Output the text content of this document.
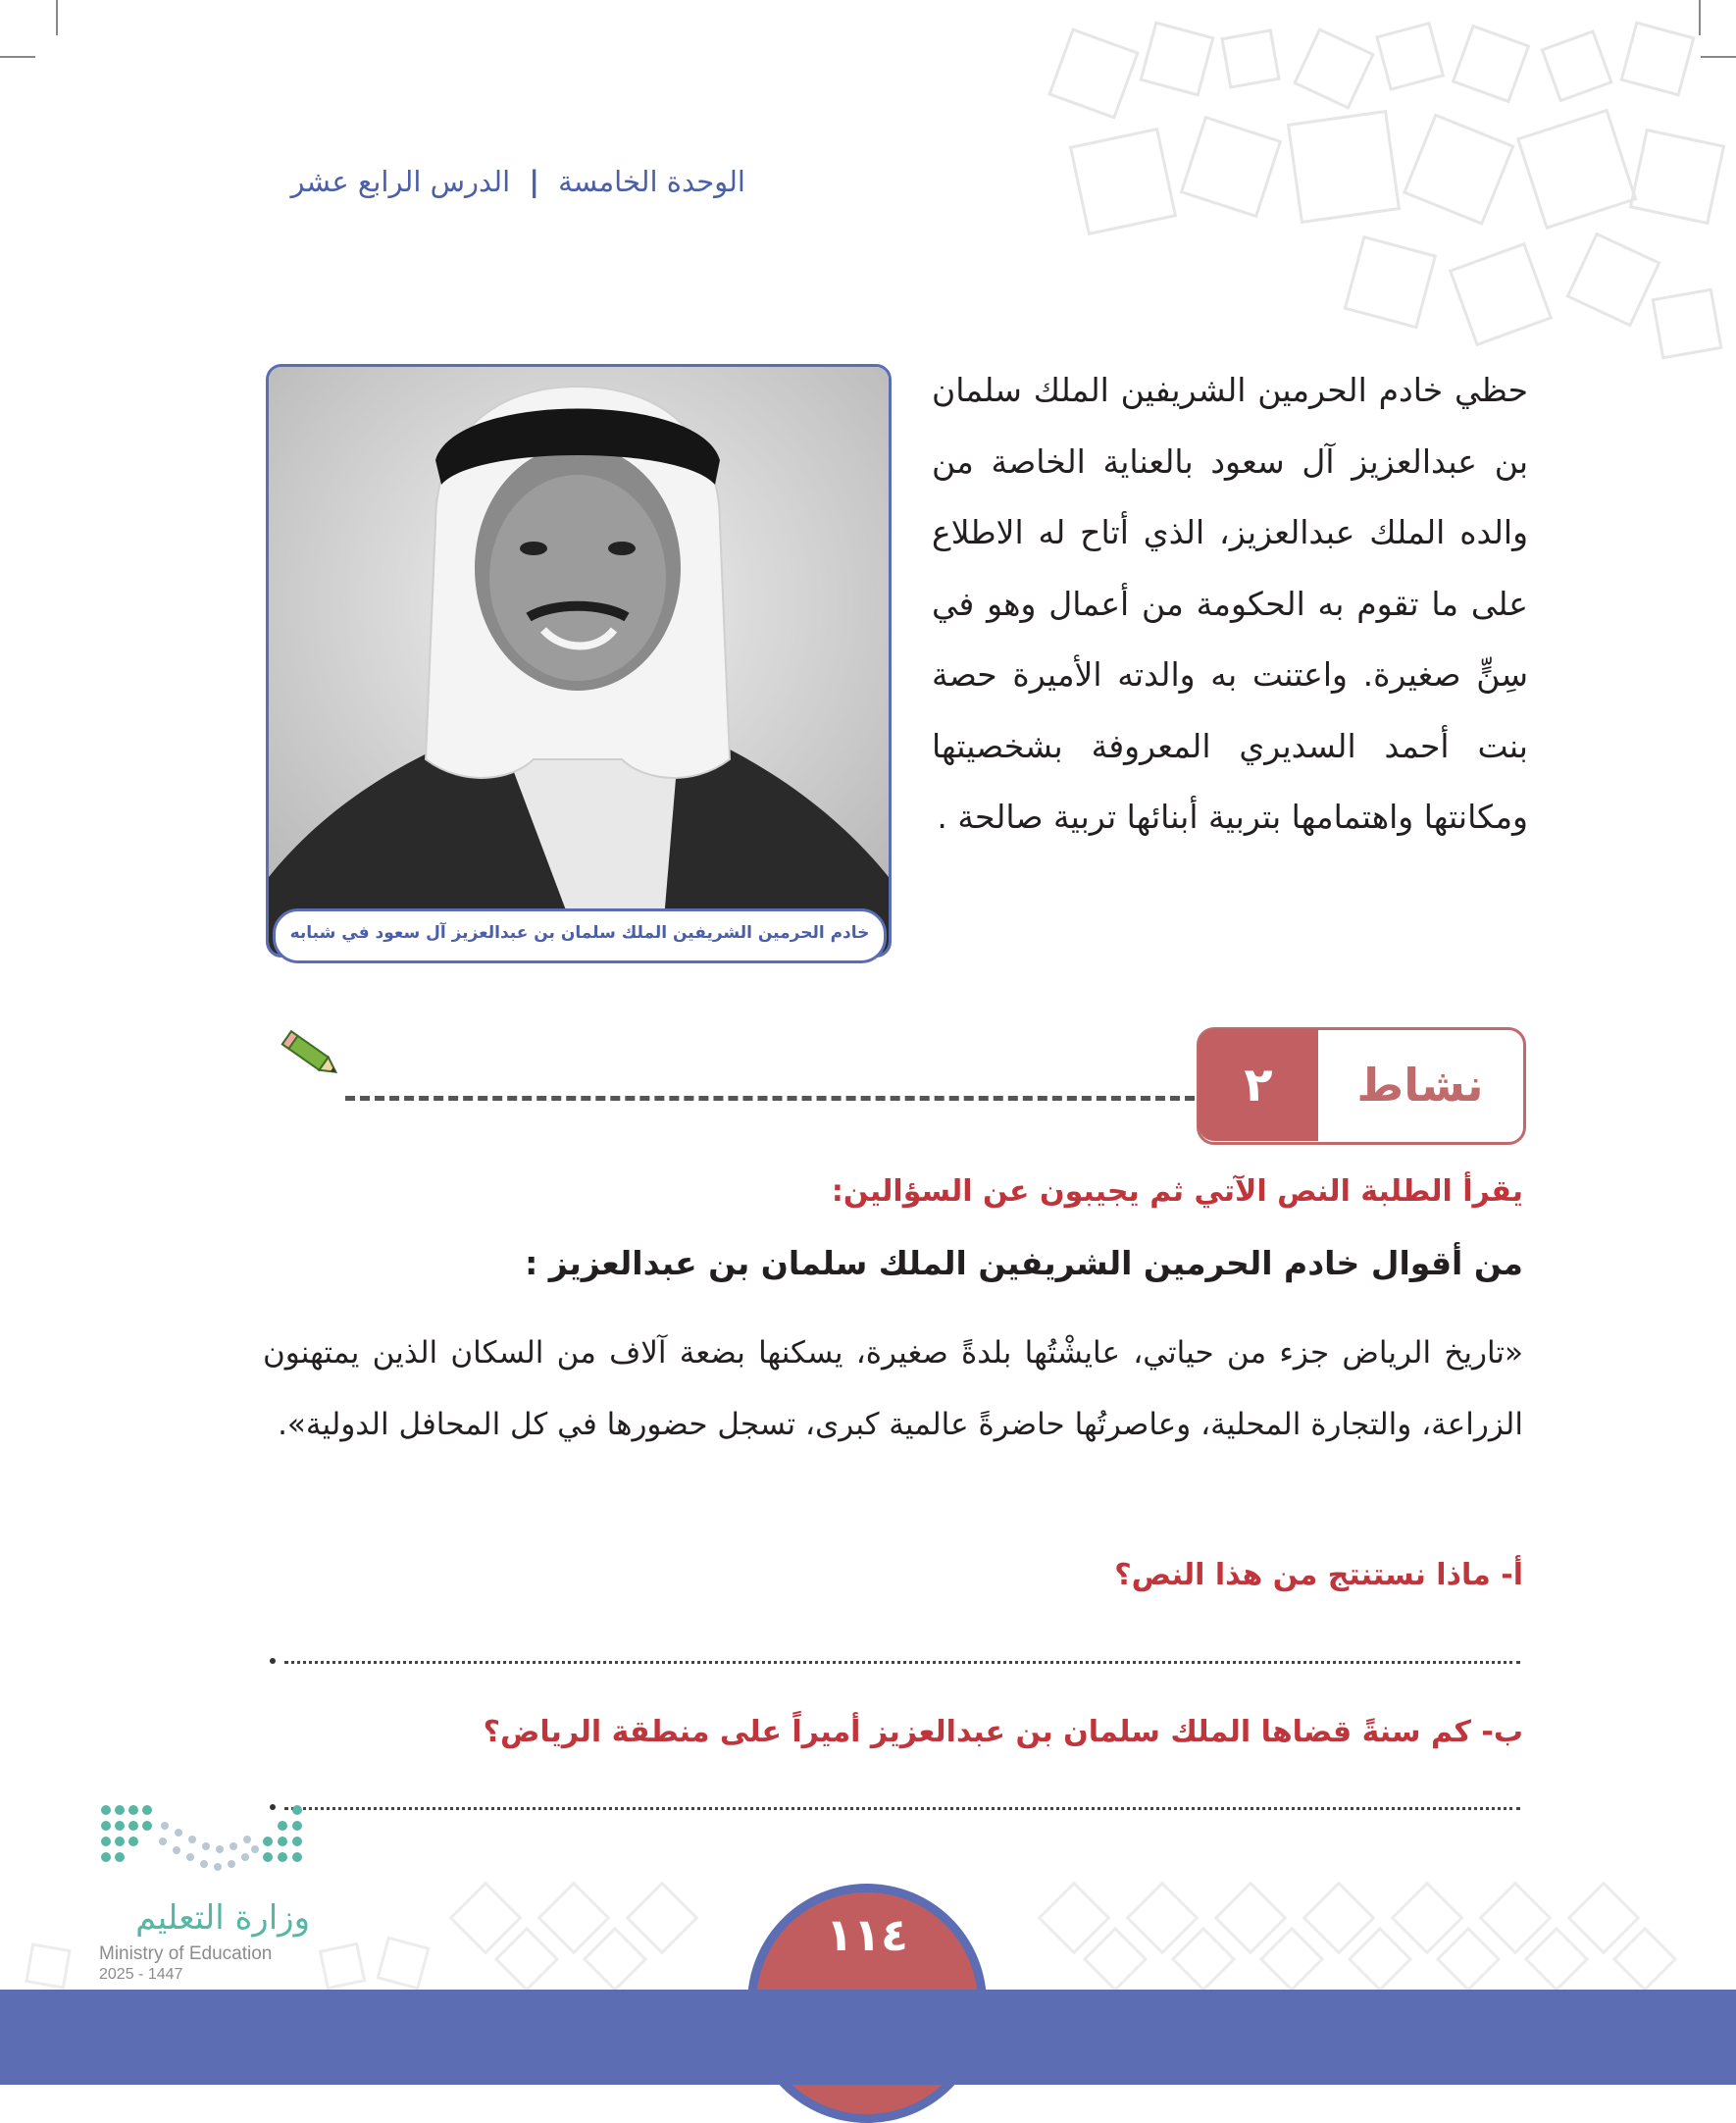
الوحدة الخامسة | الدرس الرابع عشر
حظي خادم الحرمين الشريفين الملك سلمان بن عبدالعزيز آل سعود بالعناية الخاصة من والده الملك عبدالعزيز، الذي أتاح له الاطلاع على ما تقوم به الحكومة من أعمال وهو في سِنٍّ صغيرة. واعتنت به والدته الأميرة حصة بنت أحمد السديري المعروفة بشخصيتها ومكانتها واهتمامها بتربية أبنائها تربية صالحة .
خادم الحرمين الشريفين الملك سلمان بن عبدالعزيز آل سعود في شبابه
٢	نشاط
يقرأ الطلبة النص الآتي ثم يجيبون عن السؤالين:
من أقوال خادم الحرمين الشريفين الملك سلمان بن عبدالعزيز :
«تاريخ الرياض جزء من حياتي، عايشْتُها بلدةً صغيرة، يسكنها بضعة آلاف من السكان الذين يمتهنون الزراعة، والتجارة المحلية، وعاصرتُها حاضرةً عالمية كبرى، تسجل حضورها في كل المحافل الدولية».
أ- ماذا نستنتج من هذا النص؟
ب- كم سنةً قضاها الملك سلمان بن عبدالعزيز أميراً على منطقة الرياض؟
وزارة التعليم
Ministry of Education
2025 - 1447
١١٤
